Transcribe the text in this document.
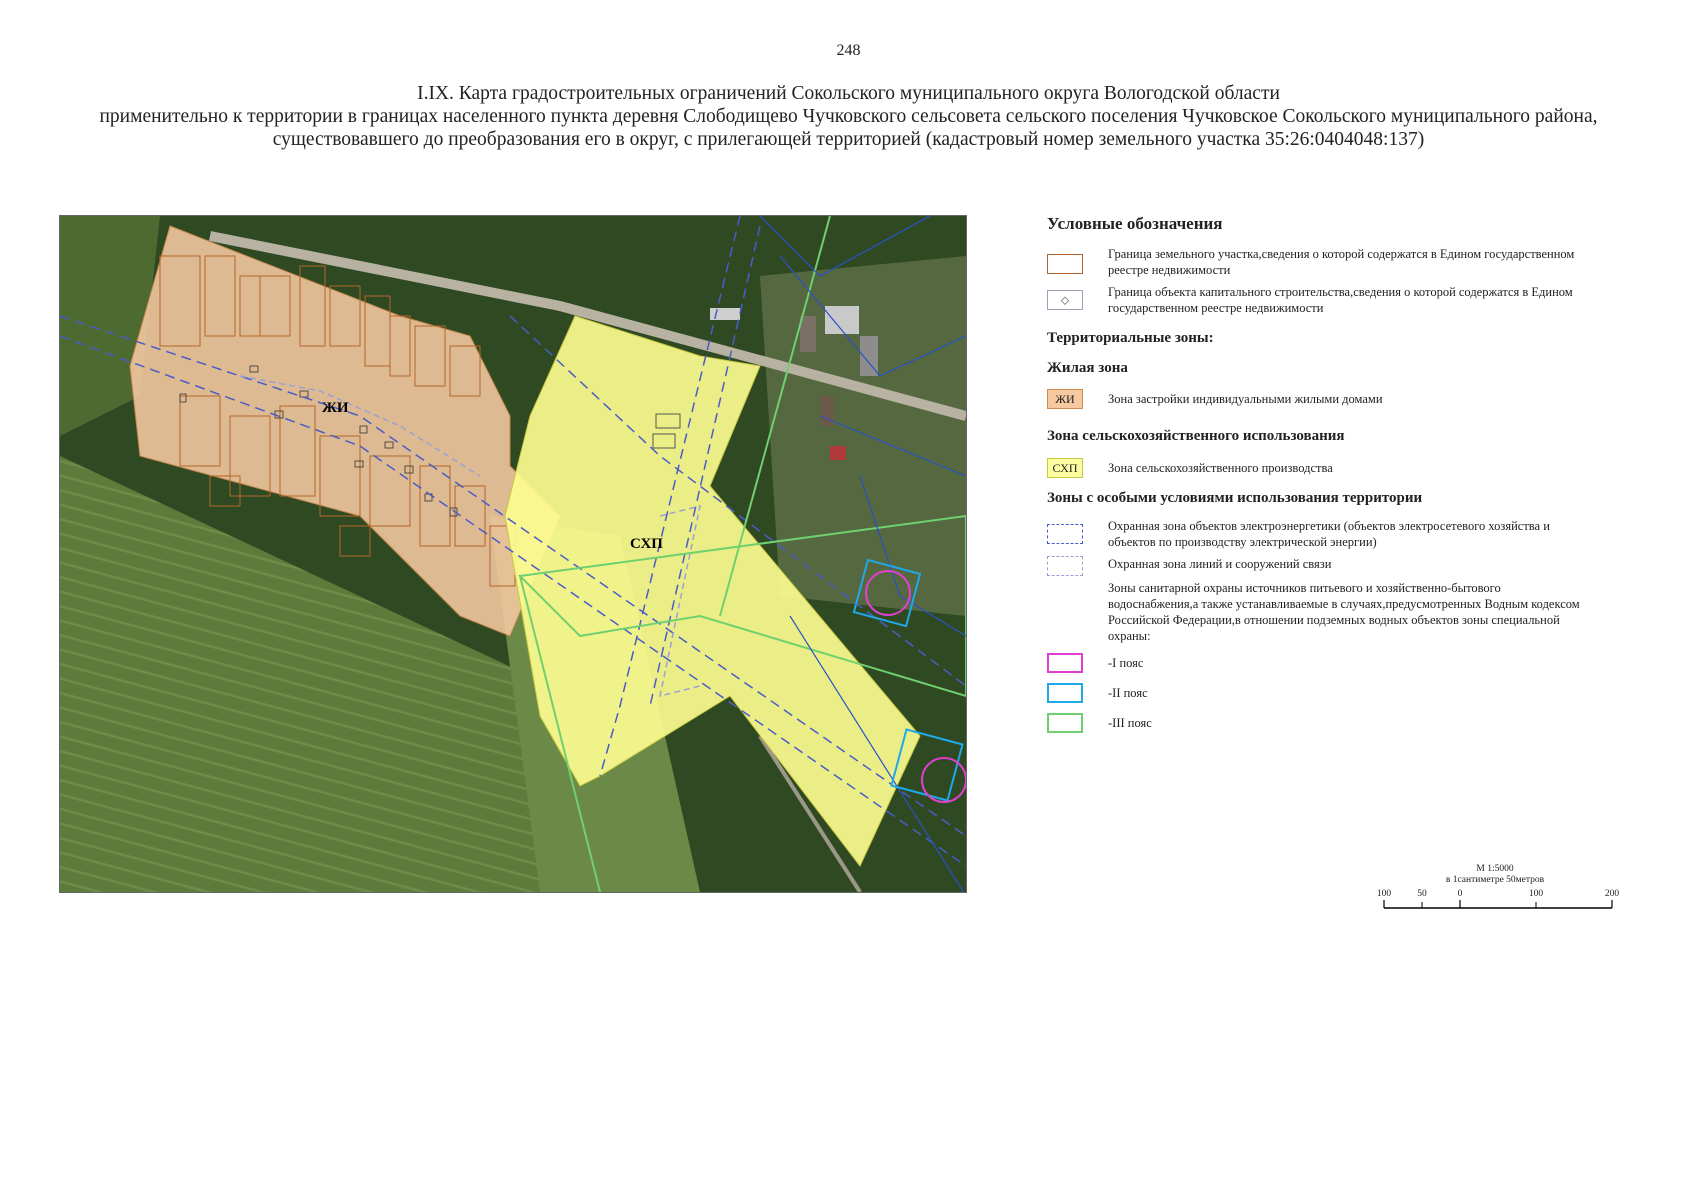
248
I.IX. Карта градостроительных ограничений Сокольского муниципального округа Вологодской области
применительно к территории в границах населенного пункта деревня Слободищево Чучковского сельсовета сельского поселения Чучковское Сокольского муниципального района,
существовавшего до преобразования его в округ, с прилегающей территорией (кадастровый номер земельного участка 35:26:0404048:137)
ЖИ
СХП
Условные обозначения
Граница земельного участка,сведения о которой содержатся в Едином государственном реестре недвижимости
⬦
Граница объекта капитального строительства,сведения о которой содержатся в Едином государственном реестре недвижимости
Территориальные зоны:
Жилая зона
ЖИ	Зона застройки индивидуальными жилыми домами
Зона сельскохозяйственного использования
СХП	Зона сельскохозяйственного производства
Зоны с особыми условиями использования территории
Охранная зона объектов электроэнергетики (объектов электросетевого хозяйства и объектов по производству электрической энергии)
Охранная зона линий и сооружений связи
Зоны санитарной охраны источников питьевого и хозяйственно-бытового водоснабжения,а также устанавливаемые в случаях,предусмотренных Водным кодексом Российской Федерации,в отношении подземных водных объектов зоны специальной охраны:
-I пояс
-II пояс
-III пояс
М 1:5000
в 1сантиметре 50метров
100	50	0	100	200
